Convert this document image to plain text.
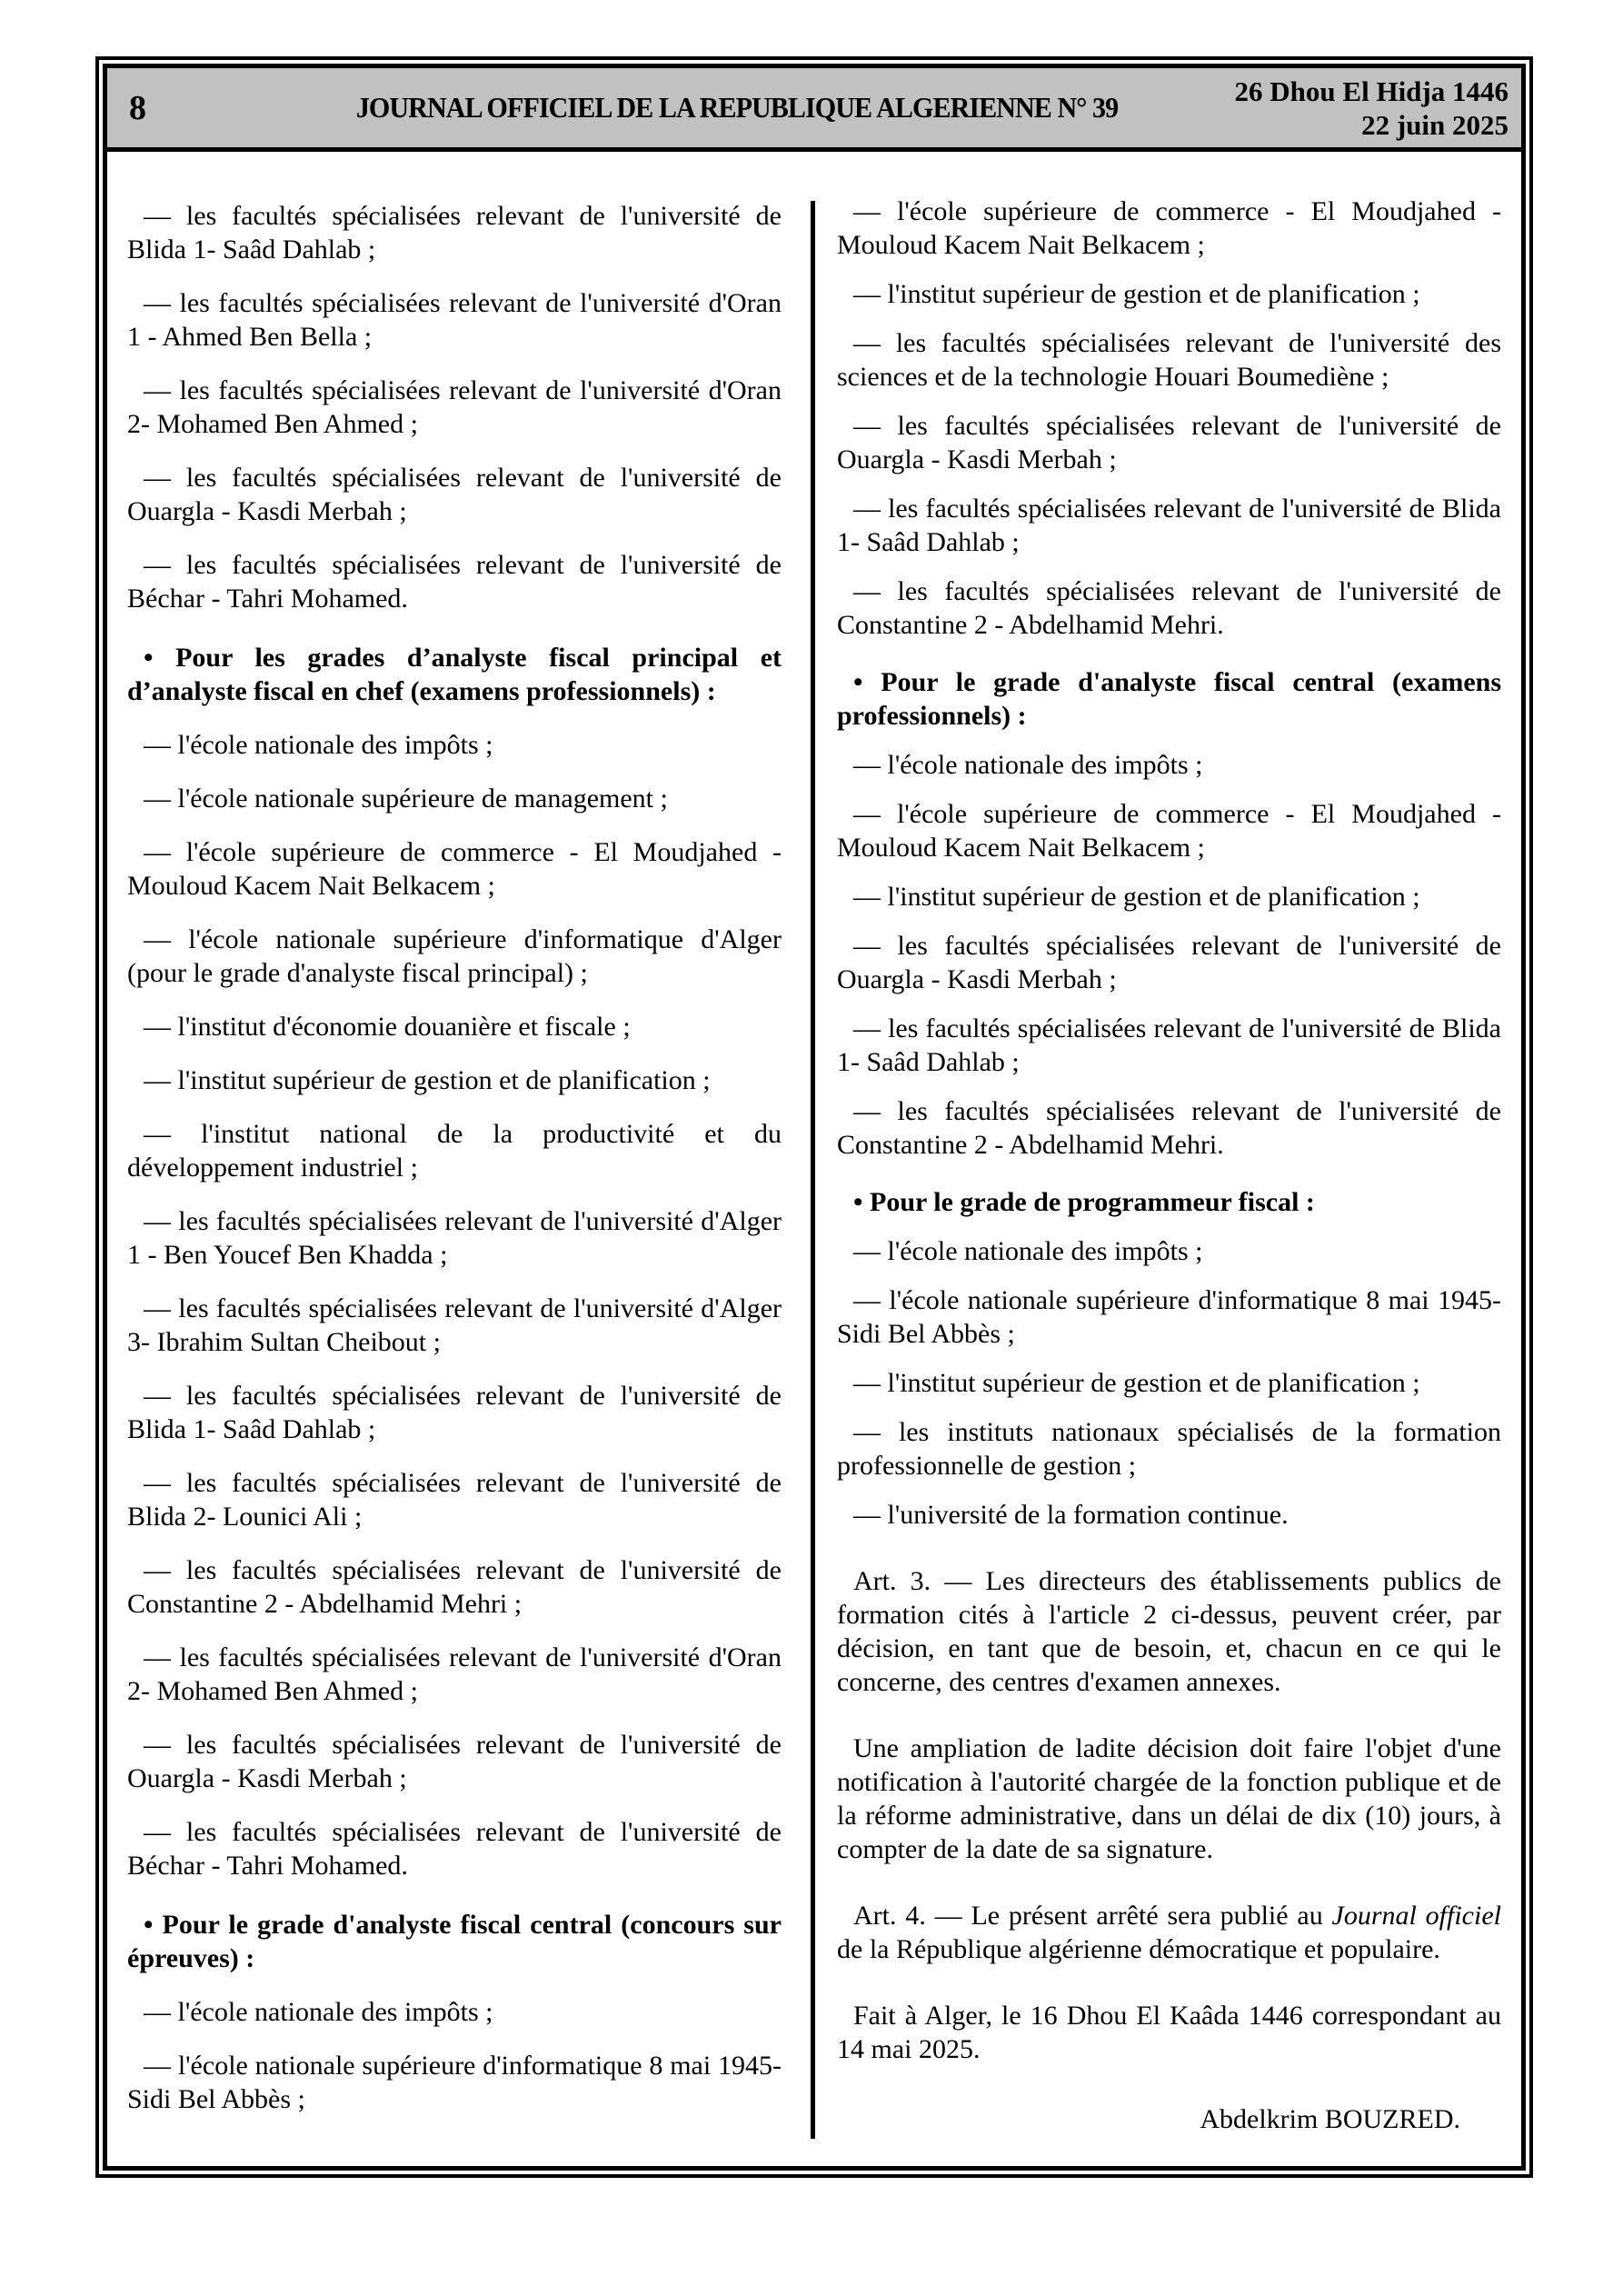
8	JOURNAL OFFICIEL DE LA REPUBLIQUE ALGERIENNE N° 39	26 Dhou El Hidja 1446
22 juin 2025

— les facultés spécialisées relevant de l'université de Blida 1- Saâd Dahlab ;

— les facultés spécialisées relevant de l'université d'Oran 1 - Ahmed Ben Bella ;

— les facultés spécialisées relevant de l'université d'Oran 2- Mohamed Ben Ahmed ;

— les facultés spécialisées relevant de l'université de Ouargla - Kasdi Merbah ;

— les facultés spécialisées relevant de l'université de Béchar - Tahri Mohamed.

• Pour les grades d’analyste fiscal principal et d’analyste fiscal en chef (examens professionnels) :

— l'école nationale des impôts ;

— l'école nationale supérieure de management ;

— l'école supérieure de commerce - El Moudjahed - Mouloud Kacem Nait Belkacem ;

— l'école nationale supérieure d'informatique d'Alger (pour le grade d'analyste fiscal principal) ;

— l'institut d'économie douanière et fiscale ;

— l'institut supérieur de gestion et de planification ;

— l'institut national de la productivité et du développement industriel ;

— les facultés spécialisées relevant de l'université d'Alger 1 - Ben Youcef Ben Khadda ;

— les facultés spécialisées relevant de l'université d'Alger 3- Ibrahim Sultan Cheibout ;

— les facultés spécialisées relevant de l'université de Blida 1- Saâd Dahlab ;

— les facultés spécialisées relevant de l'université de Blida 2- Lounici Ali ;

— les facultés spécialisées relevant de l'université de Constantine 2 - Abdelhamid Mehri ;

— les facultés spécialisées relevant de l'université d'Oran 2- Mohamed Ben Ahmed ;

— les facultés spécialisées relevant de l'université de Ouargla - Kasdi Merbah ;

— les facultés spécialisées relevant de l'université de Béchar - Tahri Mohamed.

• Pour le grade d'analyste fiscal central (concours sur épreuves) :

— l'école nationale des impôts ;

— l'école nationale supérieure d'informatique 8 mai 1945- Sidi Bel Abbès ;

— l'école supérieure de commerce - El Moudjahed - Mouloud Kacem Nait Belkacem ;

— l'institut supérieur de gestion et de planification ;

— les facultés spécialisées relevant de l'université des sciences et de la technologie Houari Boumediène ;

— les facultés spécialisées relevant de l'université de Ouargla - Kasdi Merbah ;

— les facultés spécialisées relevant de l'université de Blida 1- Saâd Dahlab ;

— les facultés spécialisées relevant de l'université de Constantine 2 - Abdelhamid Mehri.

• Pour le grade d'analyste fiscal central (examens professionnels) :

— l'école nationale des impôts ;

— l'école supérieure de commerce - El Moudjahed - Mouloud Kacem Nait Belkacem ;

— l'institut supérieur de gestion et de planification ;

— les facultés spécialisées relevant de l'université de Ouargla - Kasdi Merbah ;

— les facultés spécialisées relevant de l'université de Blida 1- Saâd Dahlab ;

— les facultés spécialisées relevant de l'université de Constantine 2 - Abdelhamid Mehri.

• Pour le grade de programmeur fiscal :

— l'école nationale des impôts ;

— l'école nationale supérieure d'informatique 8 mai 1945- Sidi Bel Abbès ;

— l'institut supérieur de gestion et de planification ;

— les instituts nationaux spécialisés de la formation professionnelle de gestion ;

— l'université de la formation continue.

Art. 3. — Les directeurs des établissements publics de formation cités à l'article 2 ci-dessus, peuvent créer, par décision, en tant que de besoin, et, chacun en ce qui le concerne, des centres d'examen annexes.

Une ampliation de ladite décision doit faire l'objet d'une notification à l'autorité chargée de la fonction publique et de la réforme administrative, dans un délai de dix (10) jours, à compter de la date de sa signature.

Art. 4. — Le présent arrêté sera publié au Journal officiel de la République algérienne démocratique et populaire.

Fait à Alger, le 16 Dhou El Kaâda 1446 correspondant au 14 mai 2025.

Abdelkrim BOUZRED.
